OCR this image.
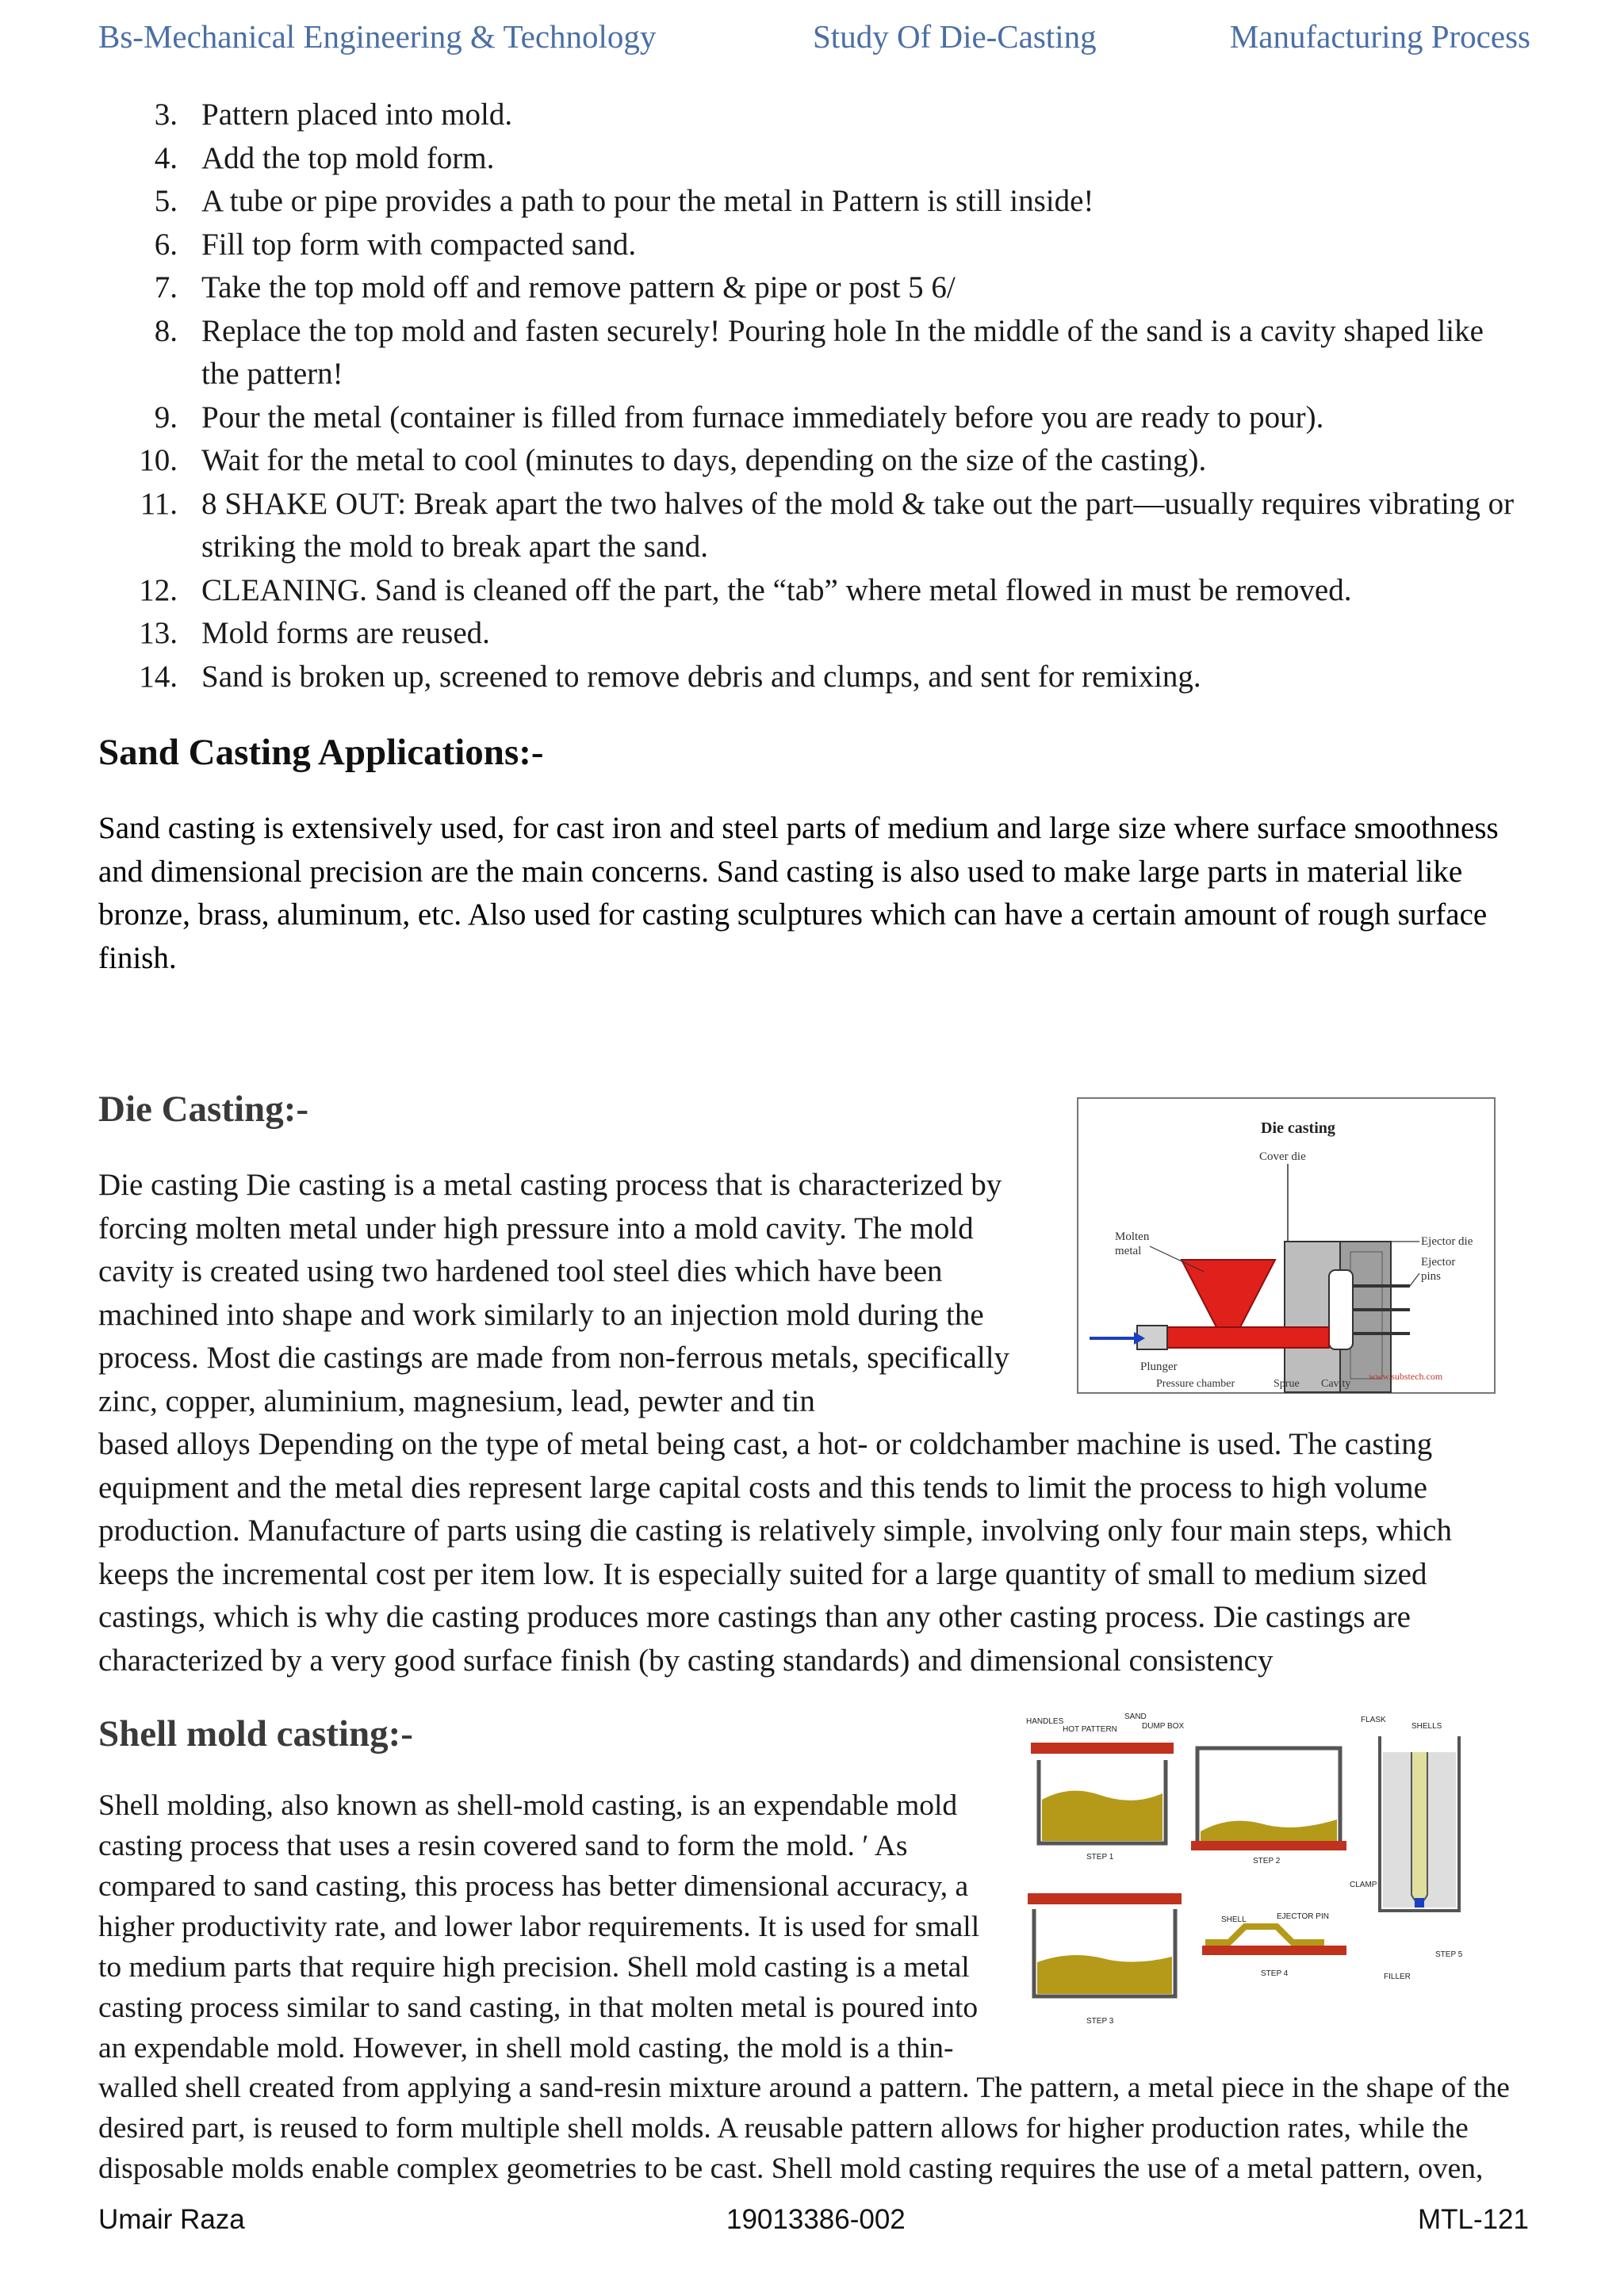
Bs-Mechanical Engineering & Technology	Study Of Die-Casting	Manufacturing Process
3. Pattern placed into mold.
4. Add the top mold form.
5. A tube or pipe provides a path to pour the metal in Pattern is still inside!
6. Fill top form with compacted sand.
7. Take the top mold off and remove pattern & pipe or post 5 6/
8. Replace the top mold and fasten securely! Pouring hole In the middle of the sand is a cavity shaped like the pattern!
9. Pour the metal (container is filled from furnace immediately before you are ready to pour).
10. Wait for the metal to cool (minutes to days, depending on the size of the casting).
11. 8 SHAKE OUT: Break apart the two halves of the mold & take out the part—usually requires vibrating or striking the mold to break apart the sand.
12. CLEANING. Sand is cleaned off the part, the “tab” where metal flowed in must be removed.
13. Mold forms are reused.
14. Sand is broken up, screened to remove debris and clumps, and sent for remixing.
Sand Casting Applications:-

Sand casting is extensively used, for cast iron and steel parts of medium and large size where surface smoothness and dimensional precision are the main concerns. Sand casting is also used to make large parts in material like bronze, brass, aluminum, etc. Also used for casting sculptures which can have a certain amount of rough surface finish.

Die Casting:-

Die casting Die casting is a metal casting process that is characterized by forcing molten metal under high pressure into a mold cavity. The mold cavity is created using two hardened tool steel dies which have been machined into shape and work similarly to an injection mold during the process. Most die castings are made from non-ferrous metals, specifically zinc, copper, aluminium, magnesium, lead, pewter and tin

based alloys Depending on the type of metal being cast, a hot- or coldchamber machine is used. The casting equipment and the metal dies represent large capital costs and this tends to limit the process to high volume production. Manufacture of parts using die casting is relatively simple, involving only four main steps, which keeps the incremental cost per item low. It is especially suited for a large quantity of small to medium sized castings, which is why die casting produces more castings than any other casting process. Die castings are characterized by a very good surface finish (by casting standards) and dimensional consistency

Die casting
Cover die
Molten
metal
Ejector die
Ejector
pins
Plunger
Pressure chamber	Sprue Cavity
www.substech.com
Shell mold casting:-

Shell molding, also known as shell-mold casting, is an expendable mold casting process that uses a resin covered sand to form the mold. ′ As compared to sand casting, this process has better dimensional accuracy, a higher productivity rate, and lower labor requirements. It is used for small to medium parts that require high precision. Shell mold casting is a metal casting process similar to sand casting, in that molten metal is poured into an expendable mold. However, in shell mold casting, the mold is a thin-

walled shell created from applying a sand-resin mixture around a pattern. The pattern, a metal piece in the shape of the desired part, is reused to form multiple shell molds. A reusable pattern allows for higher production rates, while the disposable molds enable complex geometries to be cast. Shell mold casting requires the use of a metal pattern, oven,

HANDLES
HOT PATTERN
SAND
DUMP BOX
STEP 1	STEP 2
FLASK
SHELLS
CLAMP
STEP 5
FILLER
STEP 3
SHELL	EJECTOR PIN
STEP 4
Umair Raza	19013386-002	MTL-121
